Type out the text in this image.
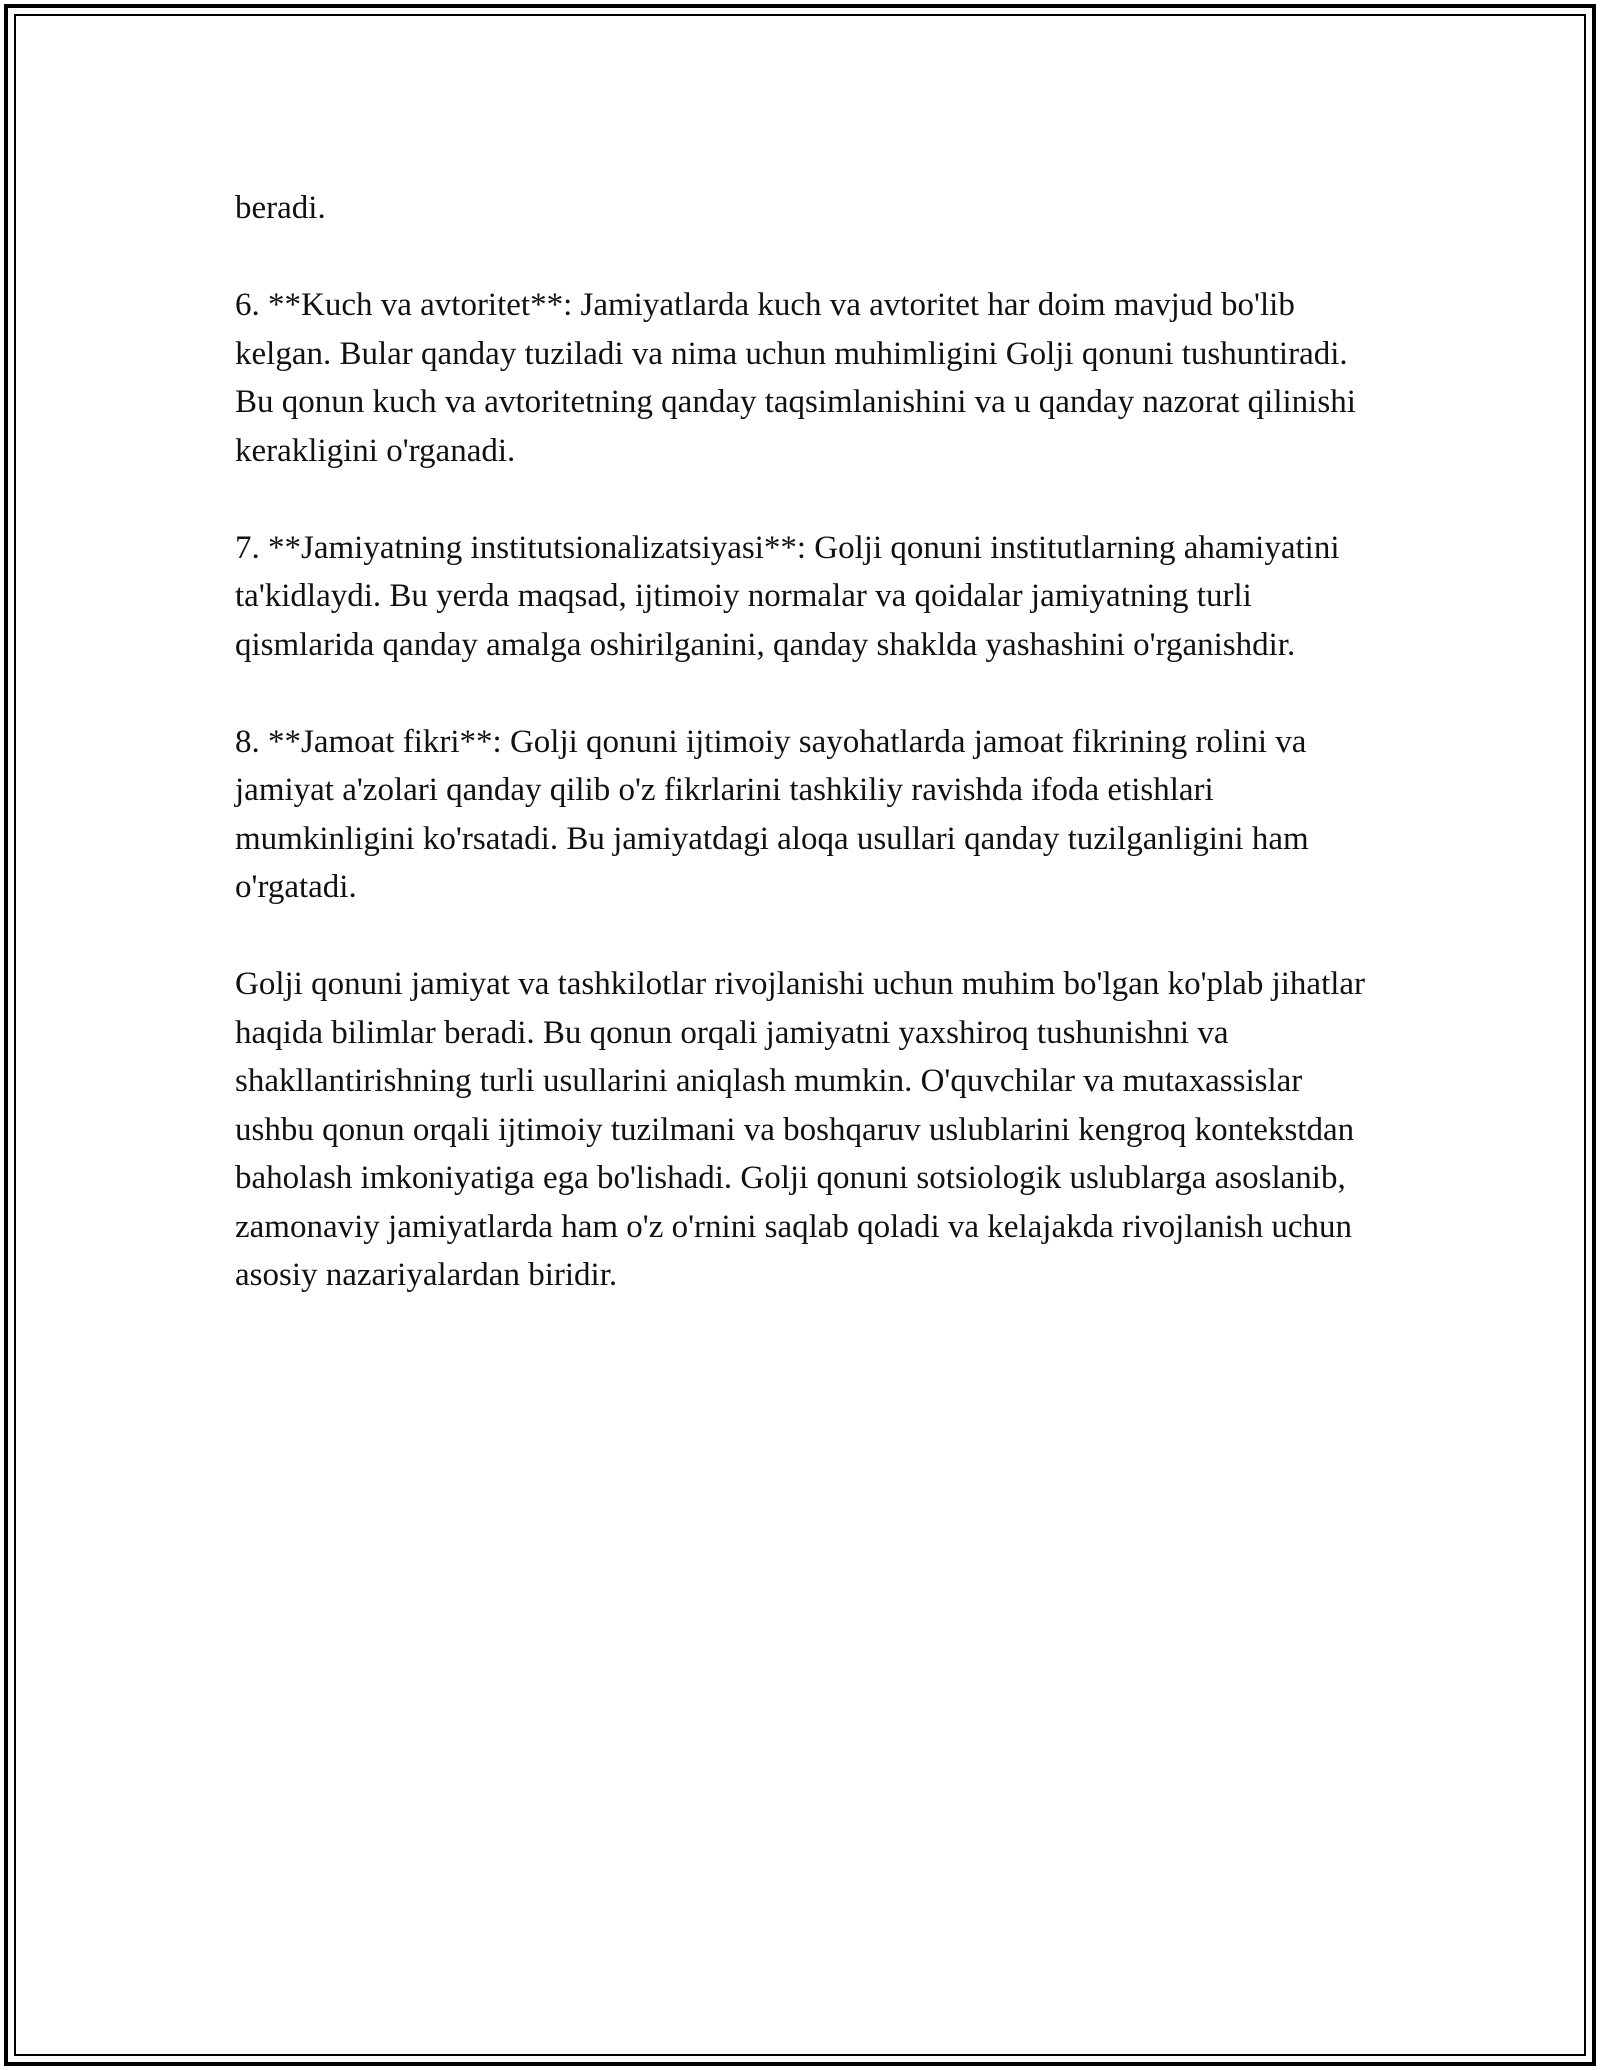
beradi.

6. **Kuch va avtoritet**: Jamiyatlarda kuch va avtoritet har doim mavjud bo'lib kelgan. Bular qanday tuziladi va nima uchun muhimligini Golji qonuni tushuntiradi. Bu qonun kuch va avtoritetning qanday taqsimlanishini va u qanday nazorat qilinishi kerakligini o'rganadi.

7. **Jamiyatning institutsionalizatsiyasi**: Golji qonuni institutlarning ahamiyatini ta'kidlaydi. Bu yerda maqsad, ijtimoiy normalar va qoidalar jamiyatning turli qismlarida qanday amalga oshirilganini, qanday shaklda yashashini o'rganishdir.

8. **Jamoat fikri**: Golji qonuni ijtimoiy sayohatlarda jamoat fikrining rolini va jamiyat a'zolari qanday qilib o'z fikrlarini tashkiliy ravishda ifoda etishlari mumkinligini ko'rsatadi. Bu jamiyatdagi aloqa usullari qanday tuzilganligini ham o'rgatadi.

Golji qonuni jamiyat va tashkilotlar rivojlanishi uchun muhim bo'lgan ko'plab jihatlar haqida bilimlar beradi. Bu qonun orqali jamiyatni yaxshiroq tushunishni va shakllantirishning turli usullarini aniqlash mumkin. O'quvchilar va mutaxassislar ushbu qonun orqali ijtimoiy tuzilmani va boshqaruv uslublarini kengroq kontekstdan baholash imkoniyatiga ega bo'lishadi. Golji qonuni sotsiologik uslublarga asoslanib, zamonaviy jamiyatlarda ham o'z o'rnini saqlab qoladi va kelajakda rivojlanish uchun asosiy nazariyalardan biridir.
